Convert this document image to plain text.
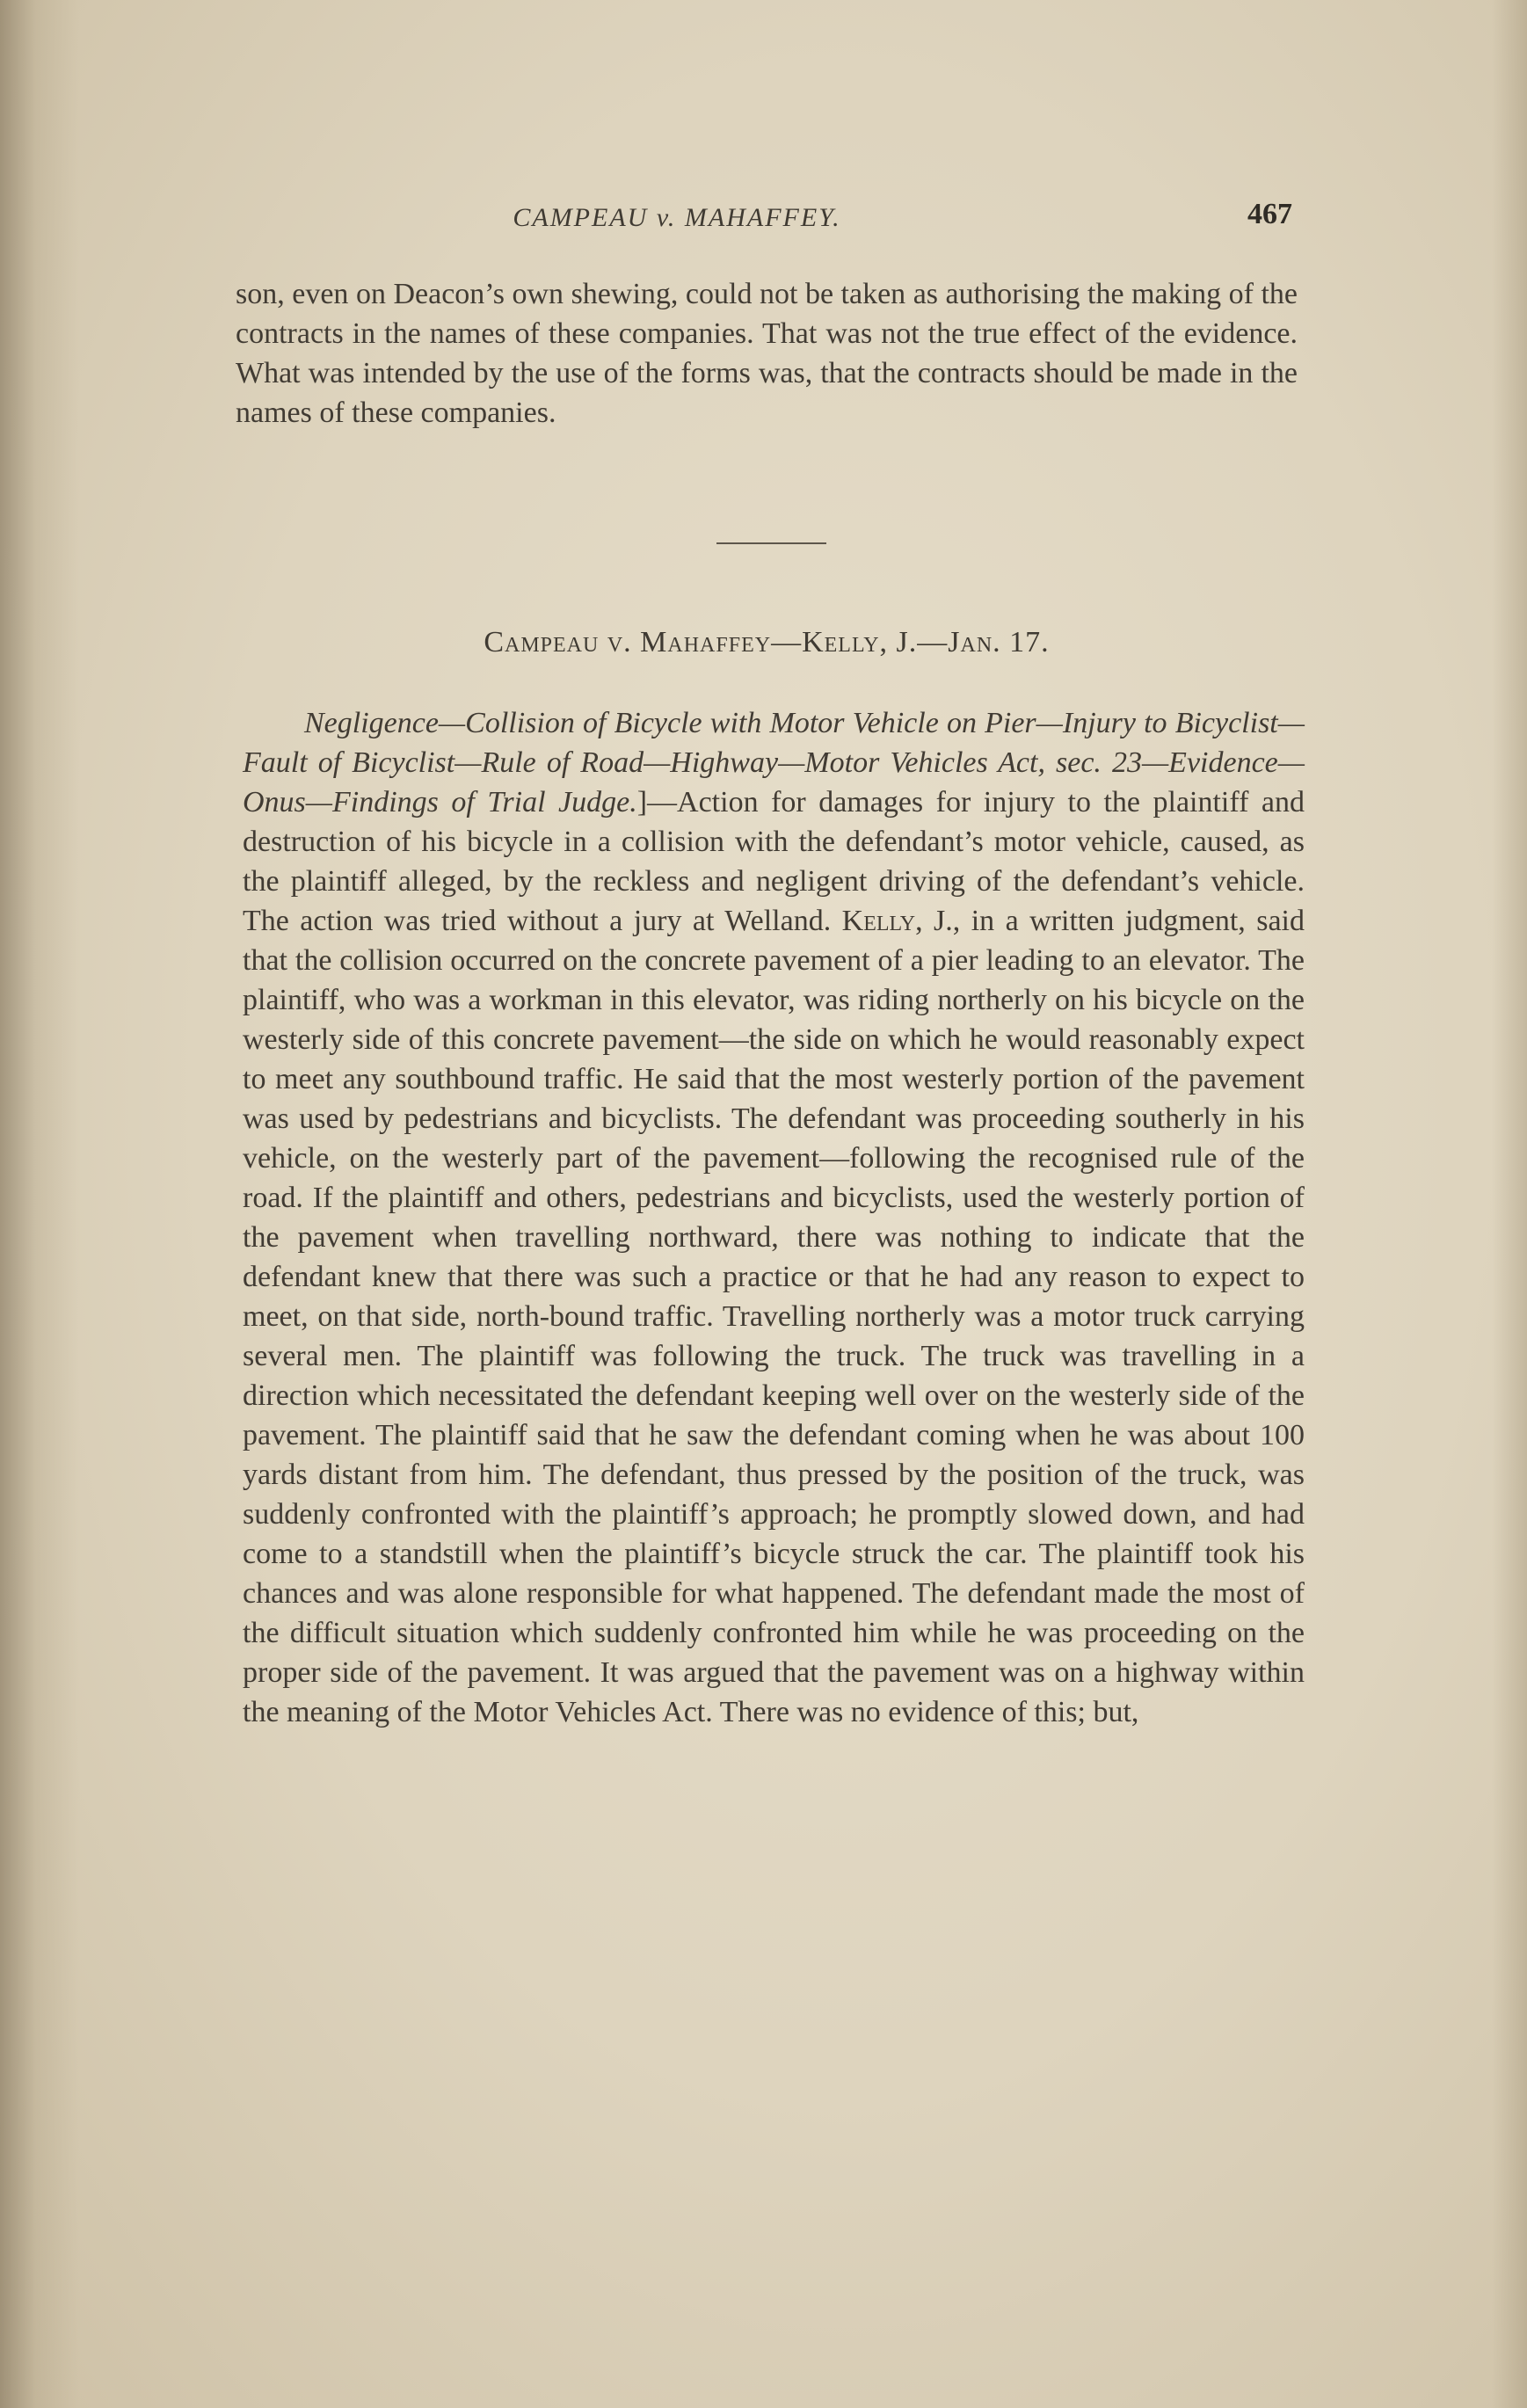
CAMPEAU v. MAHAFFEY.	467
son, even on Deacon’s own shewing, could not be taken as authorising the making of the contracts in the names of these companies. That was not the true effect of the evidence. What was intended by the use of the forms was, that the contracts should be made in the names of these companies.
Campeau v. Mahaffey—Kelly, J.—Jan. 17.
Negligence—Collision of Bicycle with Motor Vehicle on Pier—Injury to Bicyclist—Fault of Bicyclist—Rule of Road—Highway—Motor Vehicles Act, sec. 23—Evidence—Onus—Findings of Trial Judge.]—Action for damages for injury to the plaintiff and destruction of his bicycle in a collision with the defendant’s motor vehicle, caused, as the plaintiff alleged, by the reckless and negligent driving of the defendant’s vehicle. The action was tried without a jury at Welland. Kelly, J., in a written judgment, said that the collision occurred on the concrete pavement of a pier leading to an elevator. The plaintiff, who was a workman in this elevator, was riding northerly on his bicycle on the westerly side of this concrete pavement—the side on which he would reasonably expect to meet any southbound traffic. He said that the most westerly portion of the pavement was used by pedestrians and bicyclists. The defendant was proceeding southerly in his vehicle, on the westerly part of the pavement—following the recognised rule of the road. If the plaintiff and others, pedestrians and bicyclists, used the westerly portion of the pavement when travelling northward, there was nothing to indicate that the defendant knew that there was such a practice or that he had any reason to expect to meet, on that side, north-bound traffic. Travelling northerly was a motor truck carrying several men. The plaintiff was following the truck. The truck was travelling in a direction which necessitated the defendant keeping well over on the westerly side of the pavement. The plaintiff said that he saw the defendant coming when he was about 100 yards distant from him. The defendant, thus pressed by the position of the truck, was suddenly confronted with the plaintiff’s approach; he promptly slowed down, and had come to a standstill when the plaintiff’s bicycle struck the car. The plaintiff took his chances and was alone responsible for what happened. The defendant made the most of the difficult situation which suddenly confronted him while he was proceeding on the proper side of the pavement. It was argued that the pavement was on a highway within the meaning of the Motor Vehicles Act. There was no evidence of this; but,
